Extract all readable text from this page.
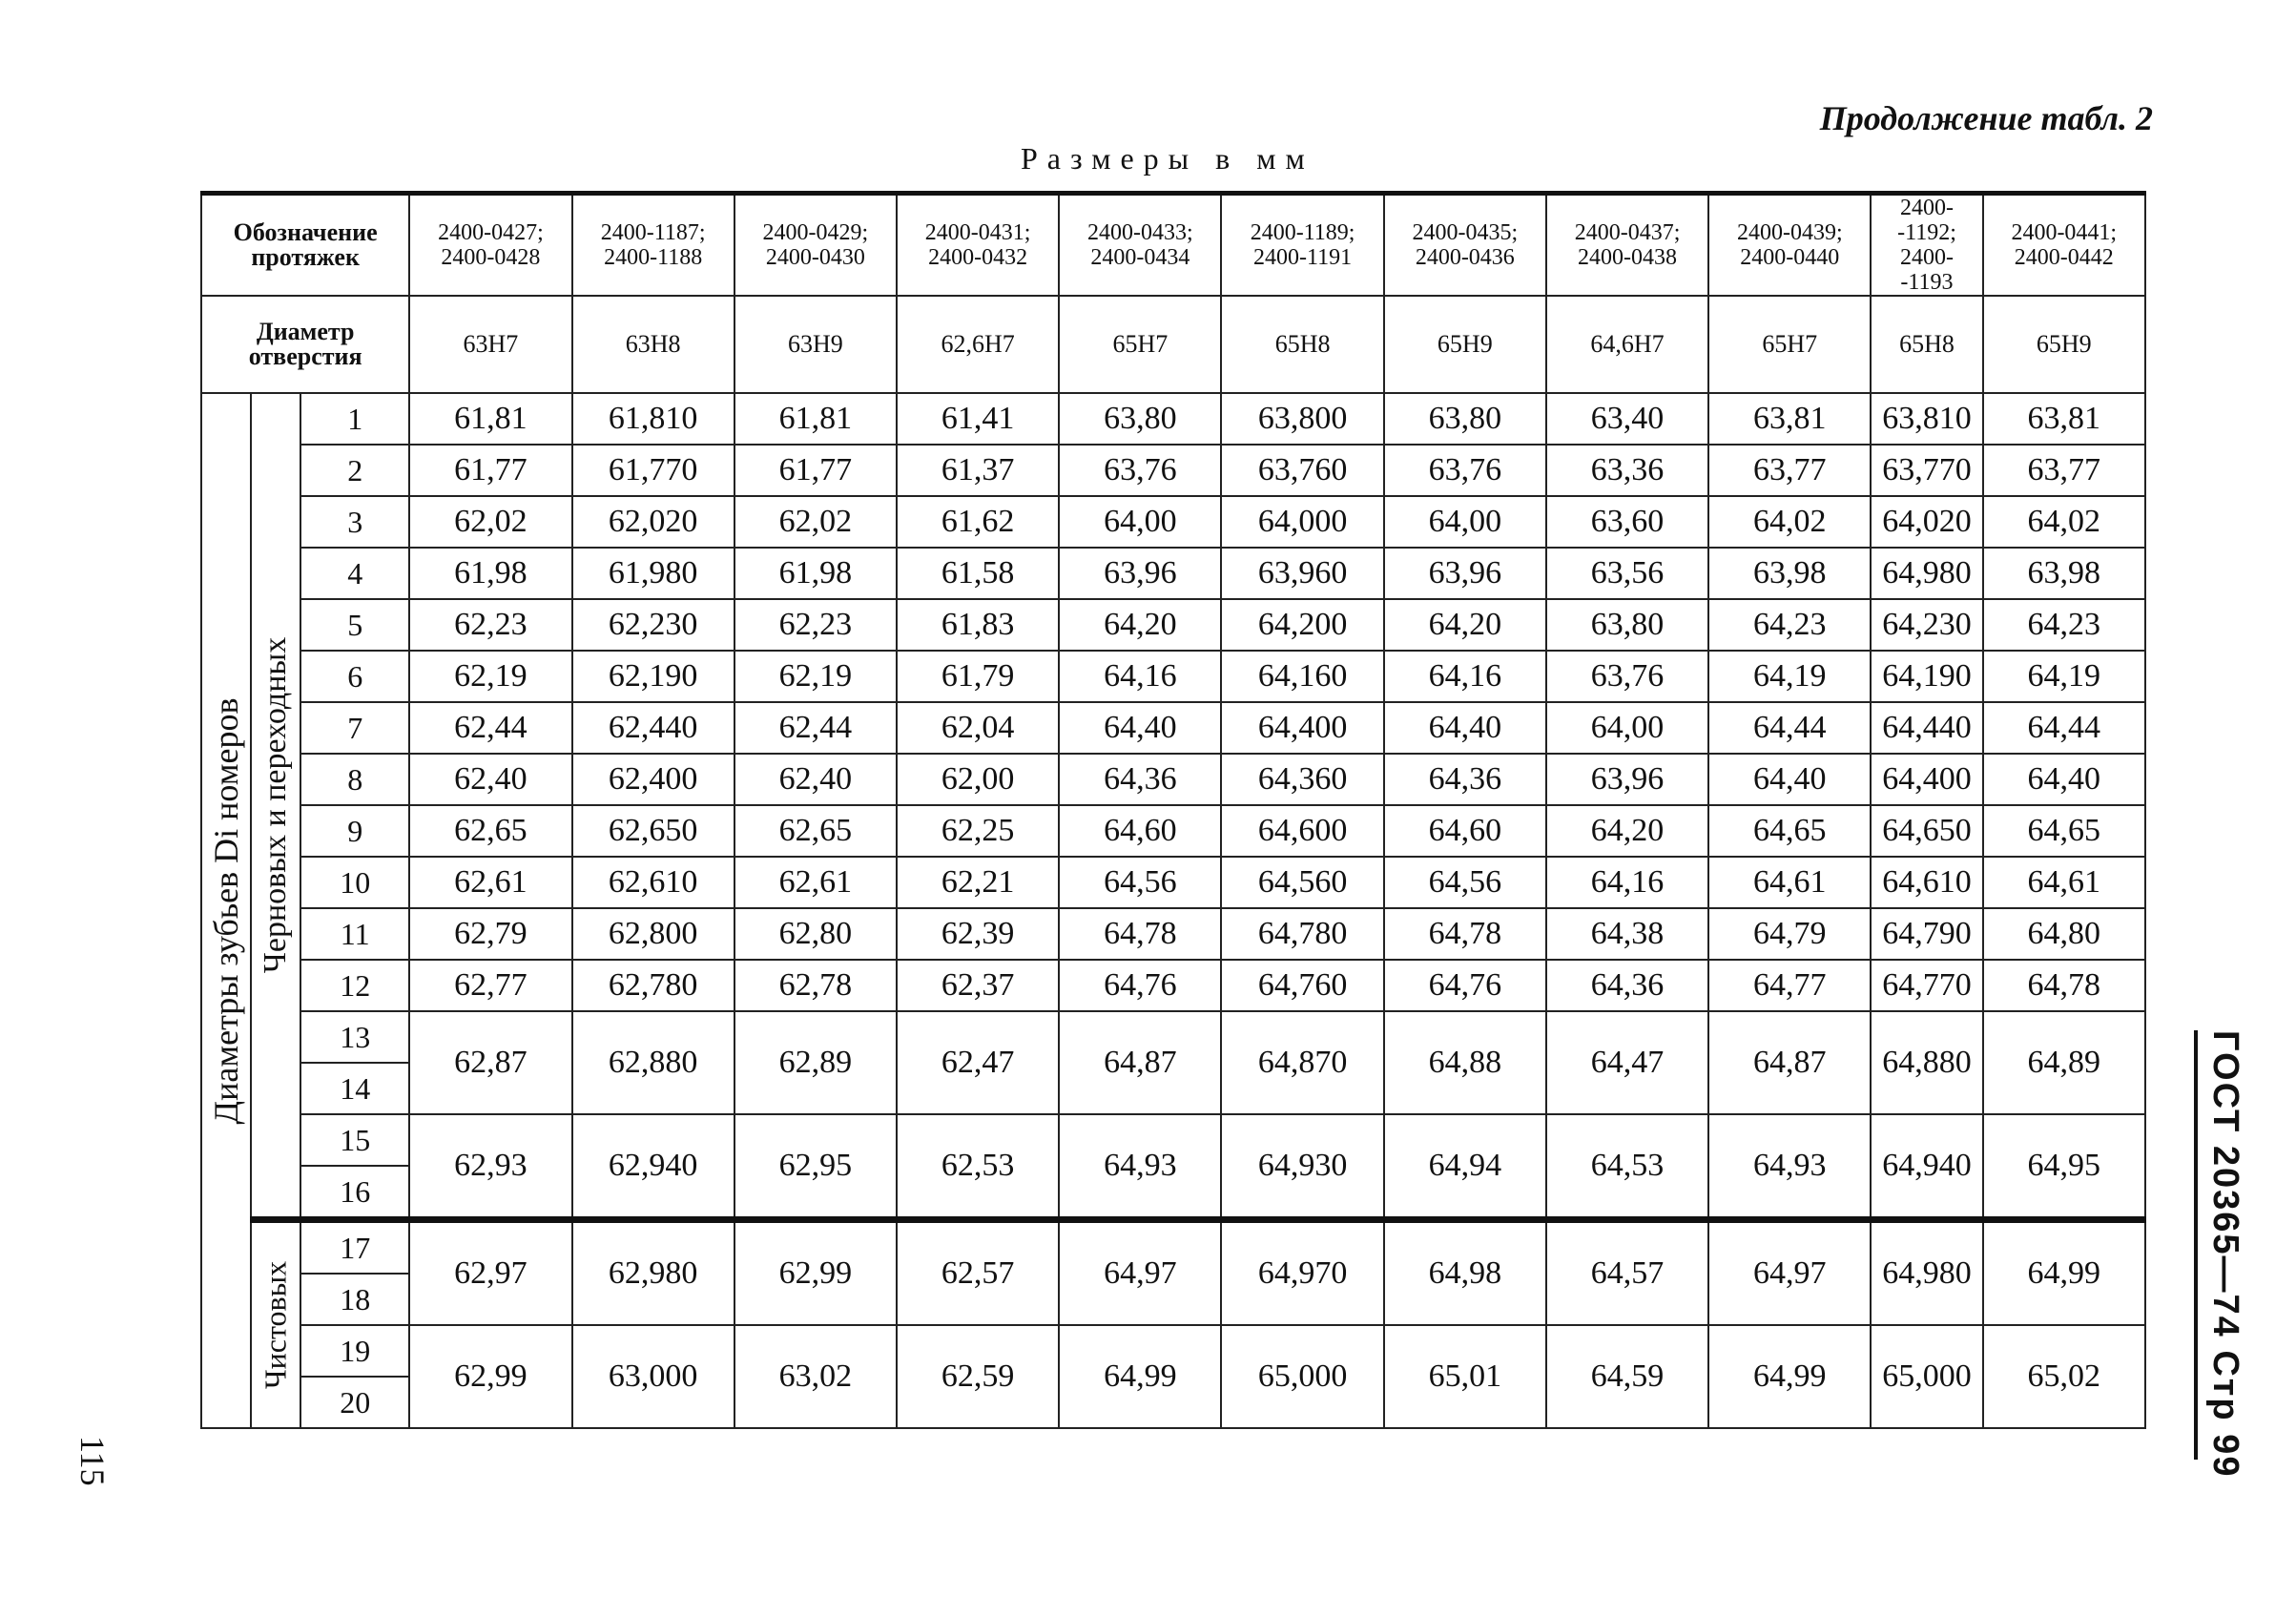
Продолжение табл. 2
Размеры в мм
Обозначение протяжек			2400-0427; 2400-0428	2400-1187; 2400-1188	2400-0429; 2400-0430	2400-0431; 2400-0432	2400-0433; 2400-0434	2400-1189; 2400-1191	2400-0435; 2400-0436	2400-0437; 2400-0438	2400-0439; 2400-0440	2400- -1192; 2400- -1193	2400-0441; 2400-0442
Диаметр отверстия			63H7	63H8	63H9	62,6H7	65H7	65H8	65H9	64,6H7	65H7	65H8	65H9

Диаметры зубьев Di номеров	Черновых и переходных	1	61,81	61,810	61,81	61,41	63,80	63,800	63,80	63,40	63,81	63,810	63,81
		2	61,77	61,770	61,77	61,37	63,76	63,760	63,76	63,36	63,77	63,770	63,77
		3	62,02	62,020	62,02	61,62	64,00	64,000	64,00	63,60	64,02	64,020	64,02
		4	61,98	61,980	61,98	61,58	63,96	63,960	63,96	63,56	63,98	64,980	63,98
		5	62,23	62,230	62,23	61,83	64,20	64,200	64,20	63,80	64,23	64,230	64,23
		6	62,19	62,190	62,19	61,79	64,16	64,160	64,16	63,76	64,19	64,190	64,19
		7	62,44	62,440	62,44	62,04	64,40	64,400	64,40	64,00	64,44	64,440	64,44
		8	62,40	62,400	62,40	62,00	64,36	64,360	64,36	63,96	64,40	64,400	64,40
		9	62,65	62,650	62,65	62,25	64,60	64,600	64,60	64,20	64,65	64,650	64,65
		10	62,61	62,610	62,61	62,21	64,56	64,560	64,56	64,16	64,61	64,610	64,61
		11	62,79	62,800	62,80	62,39	64,78	64,780	64,78	64,38	64,79	64,790	64,80
		12	62,77	62,780	62,78	62,37	64,76	64,760	64,76	64,36	64,77	64,770	64,78
		13	62,87	62,880	62,89	62,47	64,87	64,870	64,88	64,47	64,87	64,880	64,89
		14											
		15	62,93	62,940	62,95	62,53	64,93	64,930	64,94	64,53	64,93	64,940	64,95
		16											

	Чистовых	17	62,97	62,980	62,99	62,57	64,97	64,970	64,98	64,57	64,97	64,980	64,99
		18											
		19	62,99	63,000	63,02	62,59	64,99	65,000	65,01	64,59	64,99	65,000	65,02
		20											
115	ГОСТ 20365—74 Стр 99
